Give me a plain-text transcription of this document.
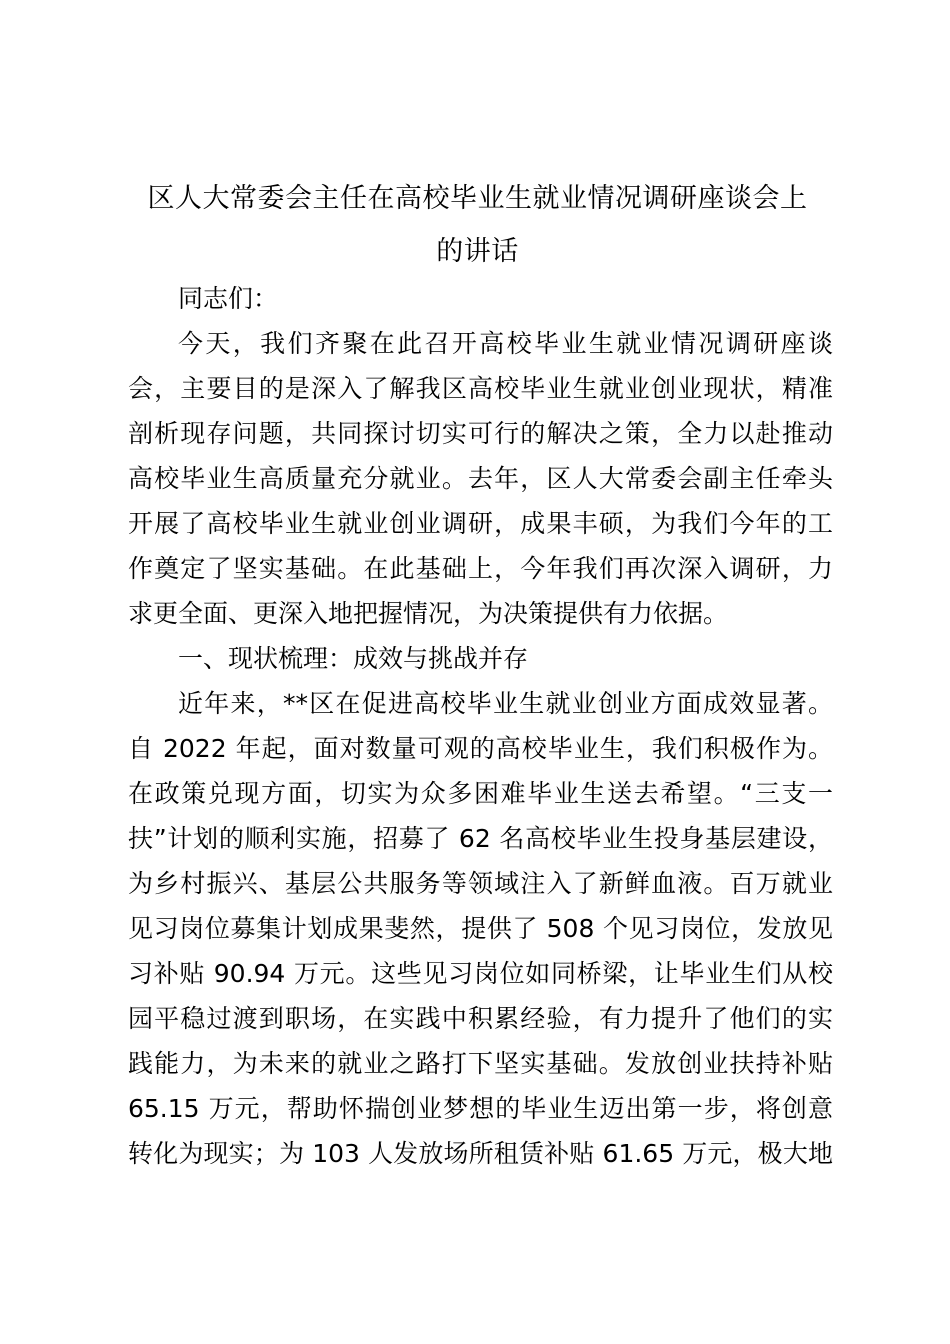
区人大常委会主任在高校毕业生就业情况调研座谈会上
的讲话
同志们：
今天，我们齐聚在此召开高校毕业生就业情况调研座谈
会，主要目的是深入了解我区高校毕业生就业创业现状，精准
剖析现存问题，共同探讨切实可行的解决之策，全力以赴推动
高校毕业生高质量充分就业。去年，区人大常委会副主任牵头
开展了高校毕业生就业创业调研，成果丰硕，为我们今年的工
作奠定了坚实基础。在此基础上，今年我们再次深入调研，力
求更全面、更深入地把握情况，为决策提供有力依据。
一、现状梳理：成效与挑战并存
近年来，**区在促进高校毕业生就业创业方面成效显著。
自 2022 年起，面对数量可观的高校毕业生，我们积极作为。
在政策兑现方面，切实为众多困难毕业生送去希望。“三支一
扶”计划的顺利实施，招募了 62 名高校毕业生投身基层建设，
为乡村振兴、基层公共服务等领域注入了新鲜血液。百万就业
见习岗位募集计划成果斐然，提供了 508 个见习岗位，发放见
习补贴 90.94 万元。这些见习岗位如同桥梁，让毕业生们从校
园平稳过渡到职场，在实践中积累经验，有力提升了他们的实
践能力，为未来的就业之路打下坚实基础。发放创业扶持补贴
65.15 万元，帮助怀揣创业梦想的毕业生迈出第一步，将创意
转化为现实；为 103 人发放场所租赁补贴 61.65 万元，极大地
